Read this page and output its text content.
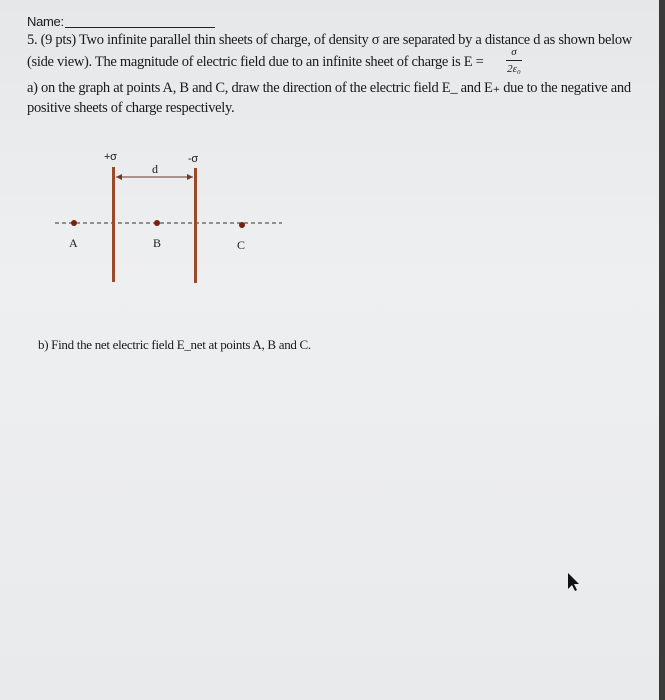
Name:
5. (9 pts) Two infinite parallel thin sheets of charge, of density σ are separated by a distance d as shown below
(side view). The magnitude of electric field due to an infinite sheet of charge is E =
σ
2ε₀
a) on the graph at points A, B and C, draw the direction of the electric field E_ and E₊ due to the negative and
positive sheets of charge respectively.
+σ
d
-σ
A	B	C
b) Find the net electric field E_net at points A, B and C.
